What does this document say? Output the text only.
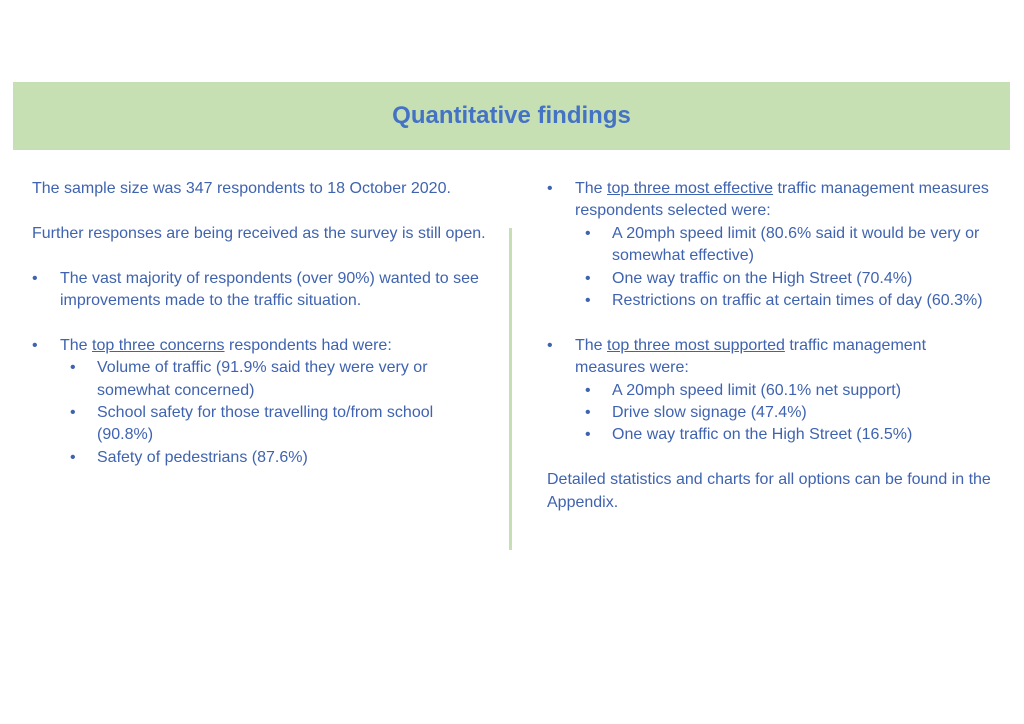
Quantitative findings

The sample size was 347 respondents to 18 October 2020.

Further responses are being received as the survey is still open.

• The vast majority of respondents (over 90%) wanted to see improvements made to the traffic situation.
• The top three concerns respondents had were:
• Volume of traffic (91.9% said they were very or somewhat concerned)
• School safety for those travelling to/from school (90.8%)
• Safety of pedestrians (87.6%)
• The top three most effective traffic management measures respondents selected were:
• A 20mph speed limit (80.6% said it would be very or somewhat effective)
• One way traffic on the High Street (70.4%)
• Restrictions on traffic at certain times of day (60.3%)
• The top three most supported traffic management measures were:
• A 20mph speed limit (60.1% net support)
• Drive slow signage (47.4%)
• One way traffic on the High Street (16.5%)

Detailed statistics and charts for all options can be found in the Appendix.
